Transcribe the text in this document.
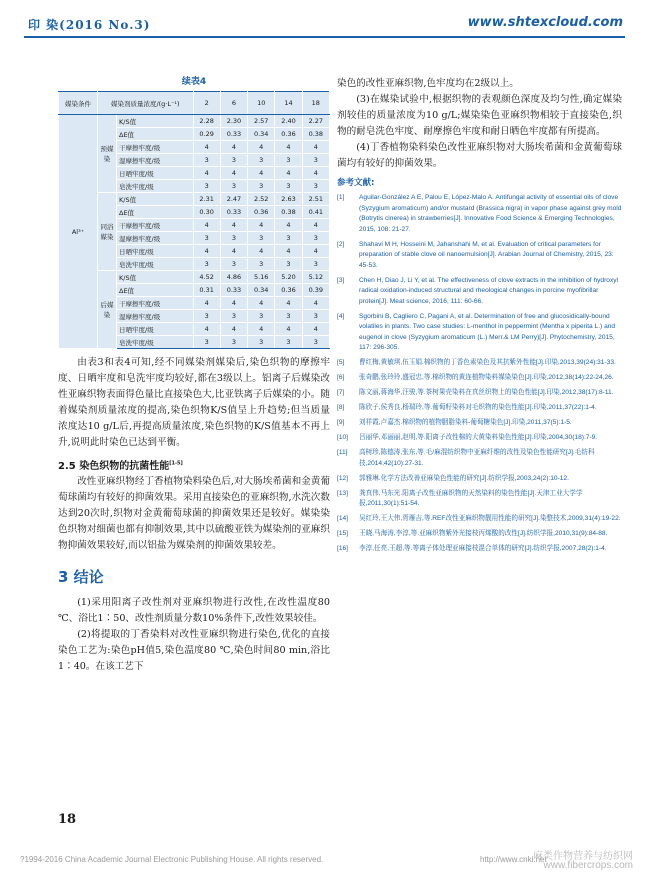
印 染(2016 No.3)	www.shtexcloud.com
续表4
媒染条件	媒染剂质量浓度/(g·L⁻¹)		2	6	10	14	18
Al³⁺	预媒染	K/S值	2.28	2.30	2.57	2.40	2.27
		ΔE值	0.29	0.33	0.34	0.36	0.38
		干摩擦牢度/级	4	4	4	4	4
		湿摩擦牢度/级	3	3	3	3	3
		日晒牢度/级	4	4	4	4	4
		皂洗牢度/级	3	3	3	3	3
	同浴媒染	K/S值	2.31	2.47	2.52	2.63	2.51
		ΔE值	0.30	0.33	0.36	0.38	0.41
		干摩擦牢度/级	4	4	4	4	4
		湿摩擦牢度/级	3	3	3	3	3
		日晒牢度/级	4	4	4	4	4
		皂洗牢度/级	3	3	3	3	3
	后媒染	K/S值	4.52	4.86	5.16	5.20	5.12
		ΔE值	0.31	0.33	0.34	0.36	0.39
		干摩擦牢度/级	4	4	4	4	4
		湿摩擦牢度/级	3	3	3	3	3
		日晒牢度/级	4	4	4	4	4
		皂洗牢度/级	3	3	3	3	3

由表3和表4可知,经不同媒染剂媒染后,染色织物的摩擦牢度、日晒牢度和皂洗牢度均较好,都在3级以上。铝离子后媒染改性亚麻织物表面得色量比直接染色大,比亚铁离子后媒染的小。随着媒染剂质量浓度的提高,染色织物K/S值呈上升趋势;但当质量浓度达10 g/L后,再提高质量浓度,染色织物的K/S值基本不再上升,说明此时染色已达到平衡。

2.5 染色织物的抗菌性能[1-5]

改性亚麻织物经丁香植物染料染色后,对大肠埃希菌和金黄葡萄球菌均有较好的抑菌效果。采用直接染色的亚麻织物,水洗次数达到20次时,织物对金黄葡萄球菌的抑菌效果还是较好。媒染染色织物对细菌也都有抑制效果,其中以硫酸亚铁为媒染剂的亚麻织物抑菌效果较好,而以铝盐为媒染剂的抑菌效果较差。

3 结论

(1)采用阳离子改性剂对亚麻织物进行改性,在改性温度80 ℃、浴比1∶50、改性剂质量分数10%条件下,改性效果较佳。

(2)将提取的丁香染料对改性亚麻织物进行染色,优化的直接染色工艺为:染色pH值5,染色温度80 ℃,染色时间80 min,浴比1∶40。在该工艺下

染色的改性亚麻织物,色牢度均在2级以上。

(3)在媒染试验中,根据织物的表观颜色深度及均匀性,确定媒染剂较佳的质量浓度为10 g/L;媒染染色亚麻织物相较于直接染色,织物的耐皂洗色牢度、耐摩擦色牢度和耐日晒色牢度都有所提高。

(4)丁香植物染料染色改性亚麻织物对大肠埃希菌和金黄葡萄球菌均有较好的抑菌效果。

参考文献:
[1] Aguilar-González A E, Palou E, López-Malo A. Antifungal activity of essential oils of clove (Syzygium aromaticum) and/or mustard (Brassica nigra) in vapor phase against grey mold (Botrytis cinerea) in strawberries[J]. Innovative Food Science & Emerging Technologies, 2015, 108: 21-27.
[2] Shahavi M H, Hosseini M, Jahanshahi M, et al. Evaluation of critical parameters for preparation of stable clove oil nanoemulsion[J]. Arabian Journal of Chemistry, 2015, 23: 45-53.
[3] Chen H, Diao J, Li Y, et al. The effectiveness of clove extracts in the inhibition of hydroxyl radical oxidation-induced structural and rheological changes in porcine myofibrillar protein[J]. Meat science, 2016, 111: 60-66.
[4] Sgorbini B, Cagliero C, Pagani A, et al. Determination of free and glucosidically-bound volatiles in plants. Two case studies: L-menthol in peppermint (Mentha x piperita L.) and eugenol in clove (Syzygium aromaticum (L.) Merr.& LM Perry)[J]. Phytochemistry, 2015, 117: 296-305.
[5] 曹红梅,黄敏琪,伍玉娟.棉织物的丁香色素染色及其抗紫外性能[J].印染,2013,39(24):31-33.
[6] 张奇鹏,张玲玲,盛冠忠,等.棉织物的黄连植物染料媒染染色[J].印染,2012,38(14):22-24,26.
[7] 陈文丽,蒋海华,汪骏,等.茶树果壳染料在真丝织物上的染色性能[J].印染,2012,38(17):8-11.
[8] 陈欣子,侯秀良,杨瑞玲,等.葡萄籽染料对毛织物的染色性能[J].印染,2011,37(22):1-4.
[9] 刘祥霞,卢嘉杰.棉织物的植物胭脂染料-葡萄糖染色[J].印染,2011,37(5):1-5.
[10] 吕丽华,邓丽丽,赵明,等.阳离子改性棉的大黄染料染色性能[J].印染,2004,30(18):7-9.
[11] 高树珍,陈德涛,张东,等.毛/麻混纺织物中亚麻纤维的改性及染色性能研究[J].毛纺科技,2014,42(10):27-31.
[12] 郭雅琳.化学方法改善亚麻染色性能的研究[J].纺织学报,2003,24(2):10-12.
[13] 龚真伟,马东光.阳离子改性亚麻织物的天然染料的染色性能[J].天津工业大学学报,2011,30(1):51-54.
[14] 吴红玲,王大伟,胥雁吉,等.REF改性亚麻织物靓用性能的研究[J].染整技术,2009,31(4):19-22.
[15] 王晓,马海涛,李淳,等.亚麻织物紫外光接枝丙烯酸的改性[J].纺织学报,2010,31(9):84-88.
[16] 李淳,任亮,王超,等.等离子体处理亚麻接枝混合单体的研究[J].纺织学报,2007,28(2):1-4.
18
?1994-2016 China Academic Journal Electronic Publishing House. All rights reserved.	http://www.cnki.net
麻类作物营养与纺织网
www.fibercrops.com
